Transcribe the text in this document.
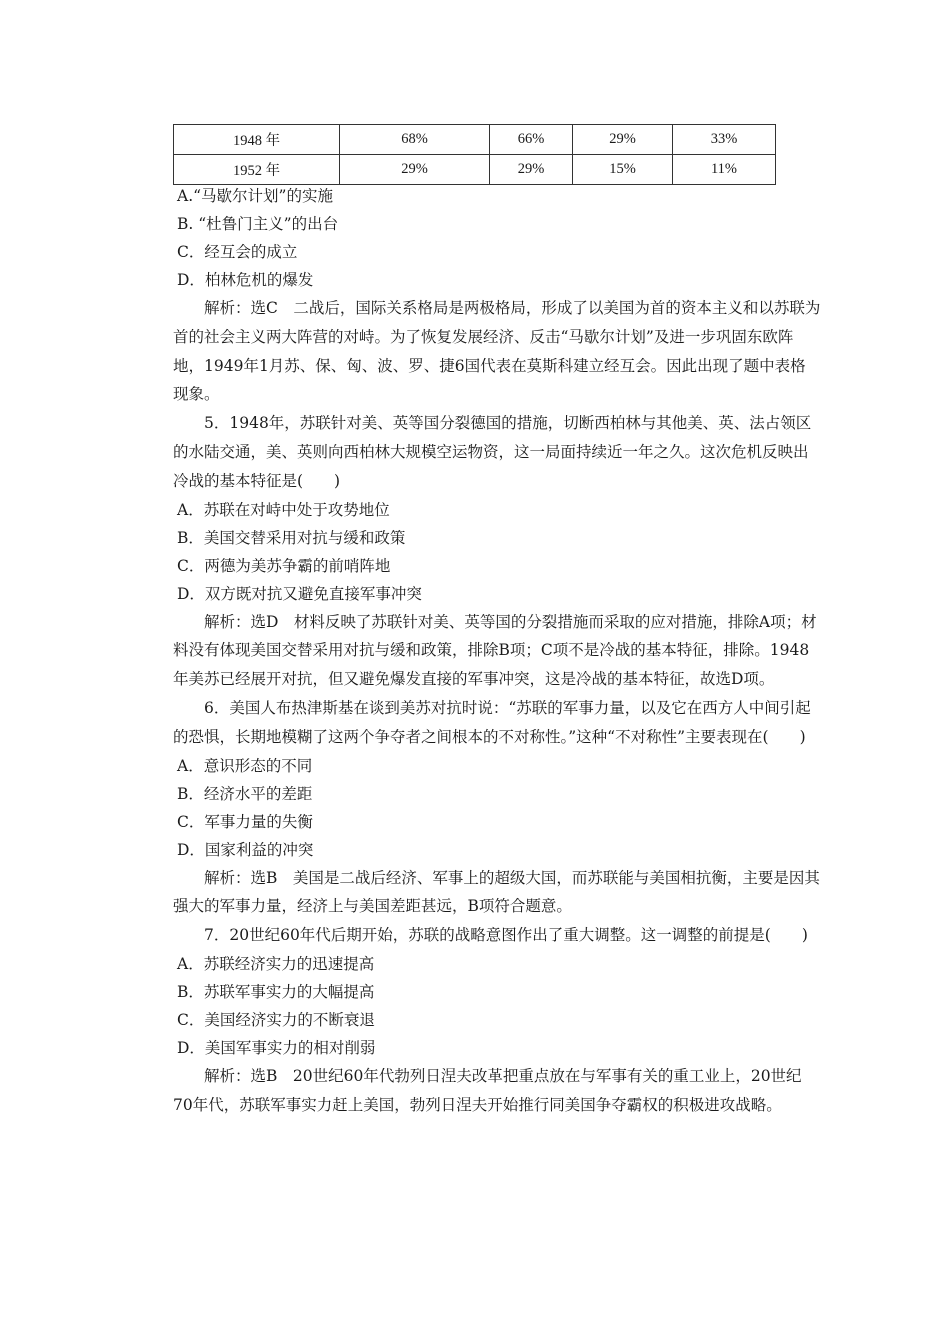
1948 年	68%	66%	29%	33%
1952 年	29%	29%	15%	11%
A.“马歇尔计划”的实施
B. “杜鲁门主义”的出台
C．经互会的成立
D．柏林危机的爆发
解析：选C　二战后，国际关系格局是两极格局，形成了以美国为首的资本主义和以苏联为首的社会主义两大阵营的对峙。为了恢复发展经济、反击“马歇尔计划”及进一步巩固东欧阵地，1949年1月苏、保、匈、波、罗、捷6国代表在莫斯科建立经互会。因此出现了题中表格现象。
5．1948年，苏联针对美、英等国分裂德国的措施，切断西柏林与其他美、英、法占领区的水陆交通，美、英则向西柏林大规模空运物资，这一局面持续近一年之久。这次危机反映出冷战的基本特征是(　　)
A．苏联在对峙中处于攻势地位
B．美国交替采用对抗与缓和政策
C．两德为美苏争霸的前哨阵地
D．双方既对抗又避免直接军事冲突
解析：选D　材料反映了苏联针对美、英等国的分裂措施而采取的应对措施，排除A项；材料没有体现美国交替采用对抗与缓和政策，排除B项；C项不是冷战的基本特征，排除。1948年美苏已经展开对抗，但又避免爆发直接的军事冲突，这是冷战的基本特征，故选D项。
6．美国人布热津斯基在谈到美苏对抗时说：“苏联的军事力量，以及它在西方人中间引起的恐惧，长期地模糊了这两个争夺者之间根本的不对称性。”这种“不对称性”主要表现在(　　)
A．意识形态的不同
B．经济水平的差距
C．军事力量的失衡
D．国家利益的冲突
解析：选B　美国是二战后经济、军事上的超级大国，而苏联能与美国相抗衡，主要是因其强大的军事力量，经济上与美国差距甚远，B项符合题意。
7．20世纪60年代后期开始，苏联的战略意图作出了重大调整。这一调整的前提是(　　)
A．苏联经济实力的迅速提高
B．苏联军事实力的大幅提高
C．美国经济实力的不断衰退
D．美国军事实力的相对削弱
解析：选B　20世纪60年代勃列日涅夫改革把重点放在与军事有关的重工业上，20世纪70年代，苏联军事实力赶上美国，勃列日涅夫开始推行同美国争夺霸权的积极进攻战略。
